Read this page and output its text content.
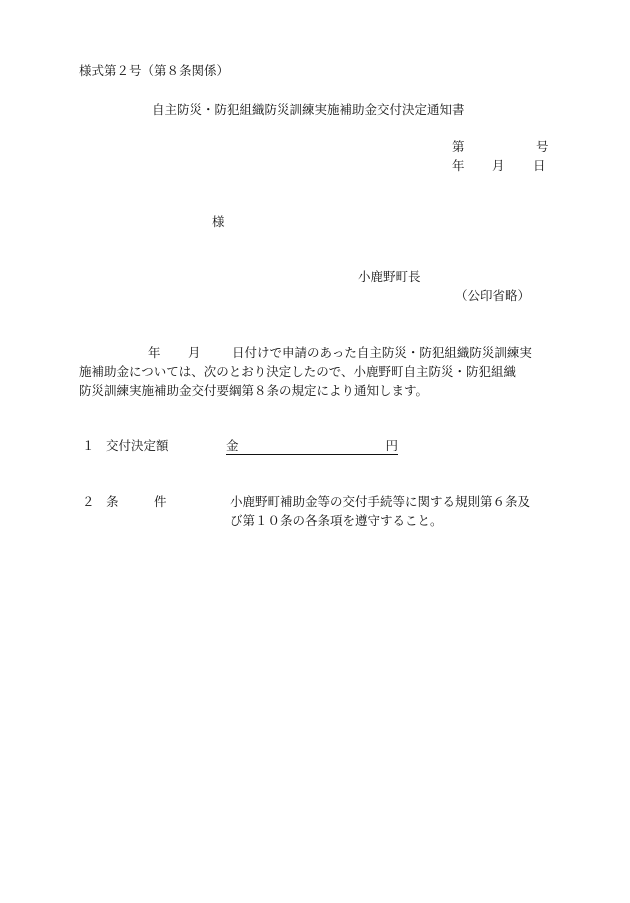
様式第２号（第８条関係）
自主防災・防犯組織防災訓練実施補助金交付決定通知書
第	号
年 月 日
様
小鹿野町長
（公印省略）
年 月	日付けで申請のあった自主防災・防犯組織防災訓練実
施補助金については、次のとおり決定したので、小鹿野町自主防災・防犯組織
防災訓練実施補助金交付要綱第８条の規定により通知します。
１ 交付決定額	金	円
２ 条	件	小鹿野町補助金等の交付手続等に関する規則第６条及
び第１０条の各条項を遵守すること。
